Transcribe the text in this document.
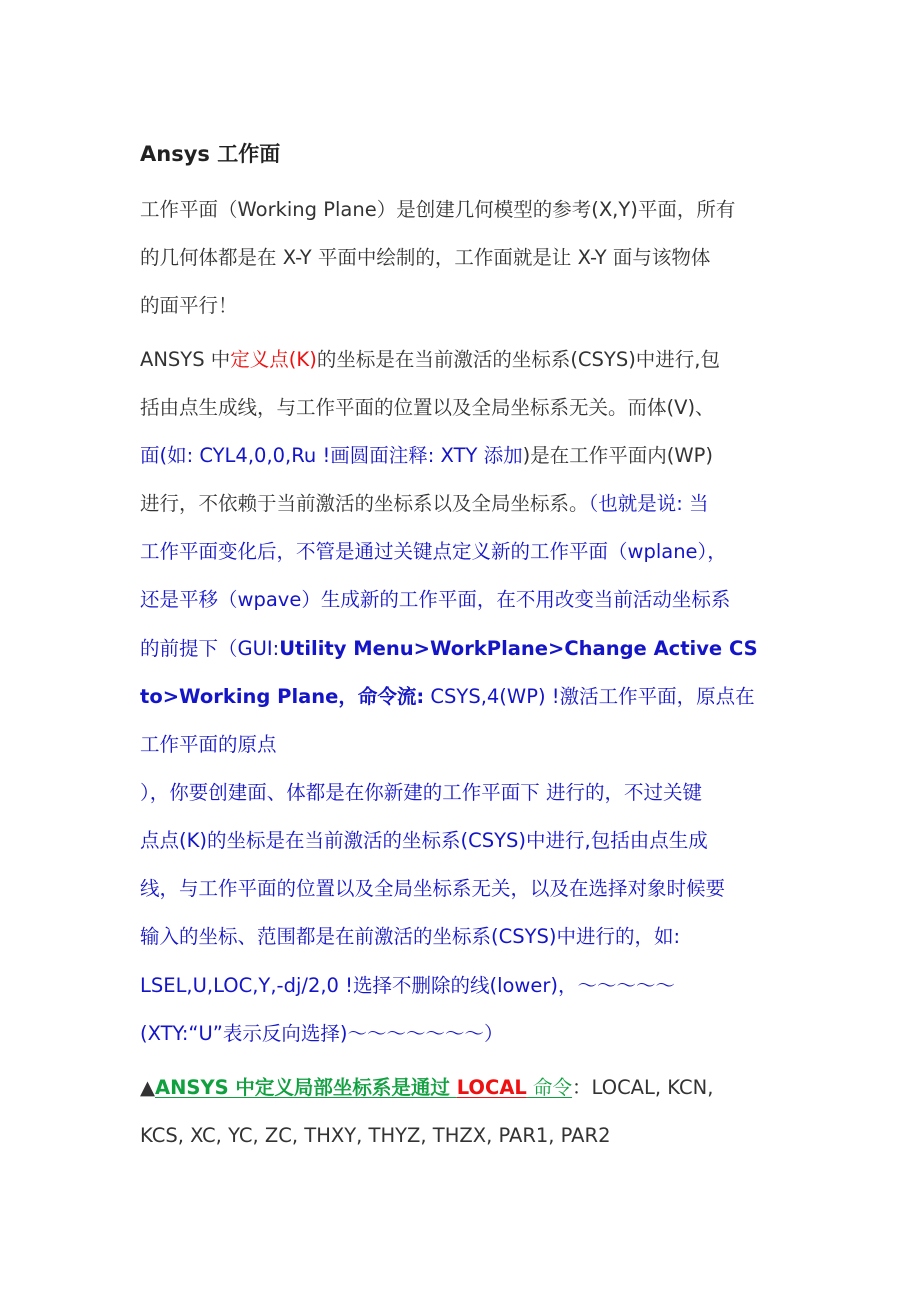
Ansys 工作面
工作平面（Working Plane）是创建几何模型的参考(X,Y)平面，所有
的几何体都是在 X-Y 平面中绘制的，工作面就是让 X-Y 面与该物体
的面平行！
ANSYS 中定义点(K)的坐标是在当前激活的坐标系(CSYS)中进行,包
括由点生成线，与工作平面的位置以及全局坐标系无关。而体(V)、
面(如: CYL4,0,0,Ru !画圆面注释: XTY 添加)是在工作平面内(WP)
进行，不依赖于当前激活的坐标系以及全局坐标系。（也就是说: 当
工作平面变化后，不管是通过关键点定义新的工作平面（wplane），
还是平移（wpave）生成新的工作平面，在不用改变当前活动坐标系
的前提下（GUI:Utility Menu>WorkPlane>Change Active CS
to>Working Plane，命令流: CSYS,4(WP) !激活工作平面，原点在
工作平面的原点
），你要创建面、体都是在你新建的工作平面下 进行的，不过关键
点点(K)的坐标是在当前激活的坐标系(CSYS)中进行,包括由点生成
线，与工作平面的位置以及全局坐标系无关，以及在选择对象时候要
输入的坐标、范围都是在前激活的坐标系(CSYS)中进行的，如:
LSEL,U,LOC,Y,-dj/2,0 !选择不删除的线(lower)，～～～～～
(XTY:“U”表示反向选择)～～～～～～～）
▲ANSYS 中定义局部坐标系是通过 LOCAL 命令：LOCAL, KCN,
KCS, XC, YC, ZC, THXY, THYZ, THZX, PAR1, PAR2
